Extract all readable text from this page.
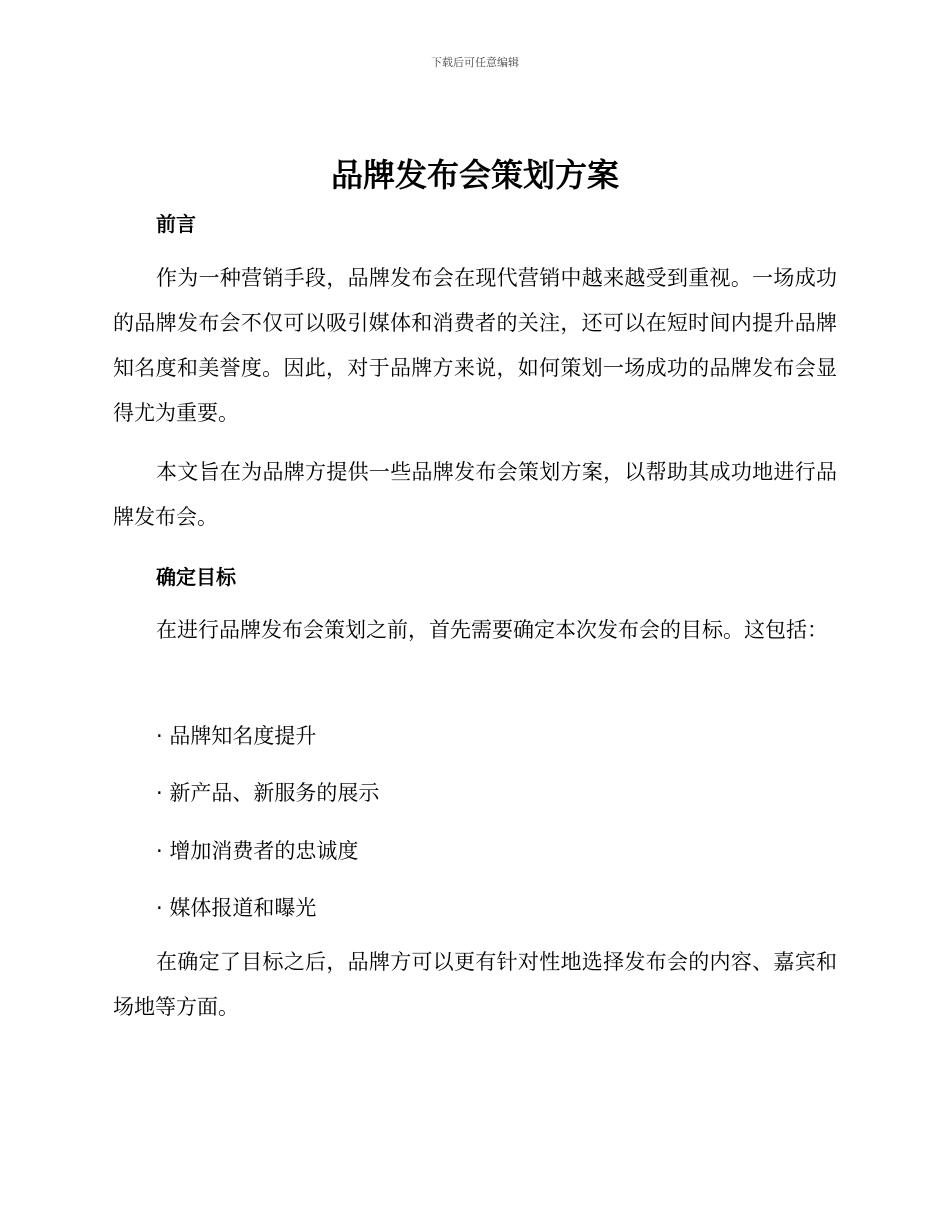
下载后可任意编辑
品牌发布会策划方案
前言
作为一种营销手段，品牌发布会在现代营销中越来越受到重视。一场成功的品牌发布会不仅可以吸引媒体和消费者的关注，还可以在短时间内提升品牌知名度和美誉度。因此，对于品牌方来说，如何策划一场成功的品牌发布会显得尤为重要。
本文旨在为品牌方提供一些品牌发布会策划方案，以帮助其成功地进行品牌发布会。
确定目标
在进行品牌发布会策划之前，首先需要确定本次发布会的目标。这包括：
· 品牌知名度提升
· 新产品、新服务的展示
· 增加消费者的忠诚度
· 媒体报道和曝光
在确定了目标之后，品牌方可以更有针对性地选择发布会的内容、嘉宾和场地等方面。
